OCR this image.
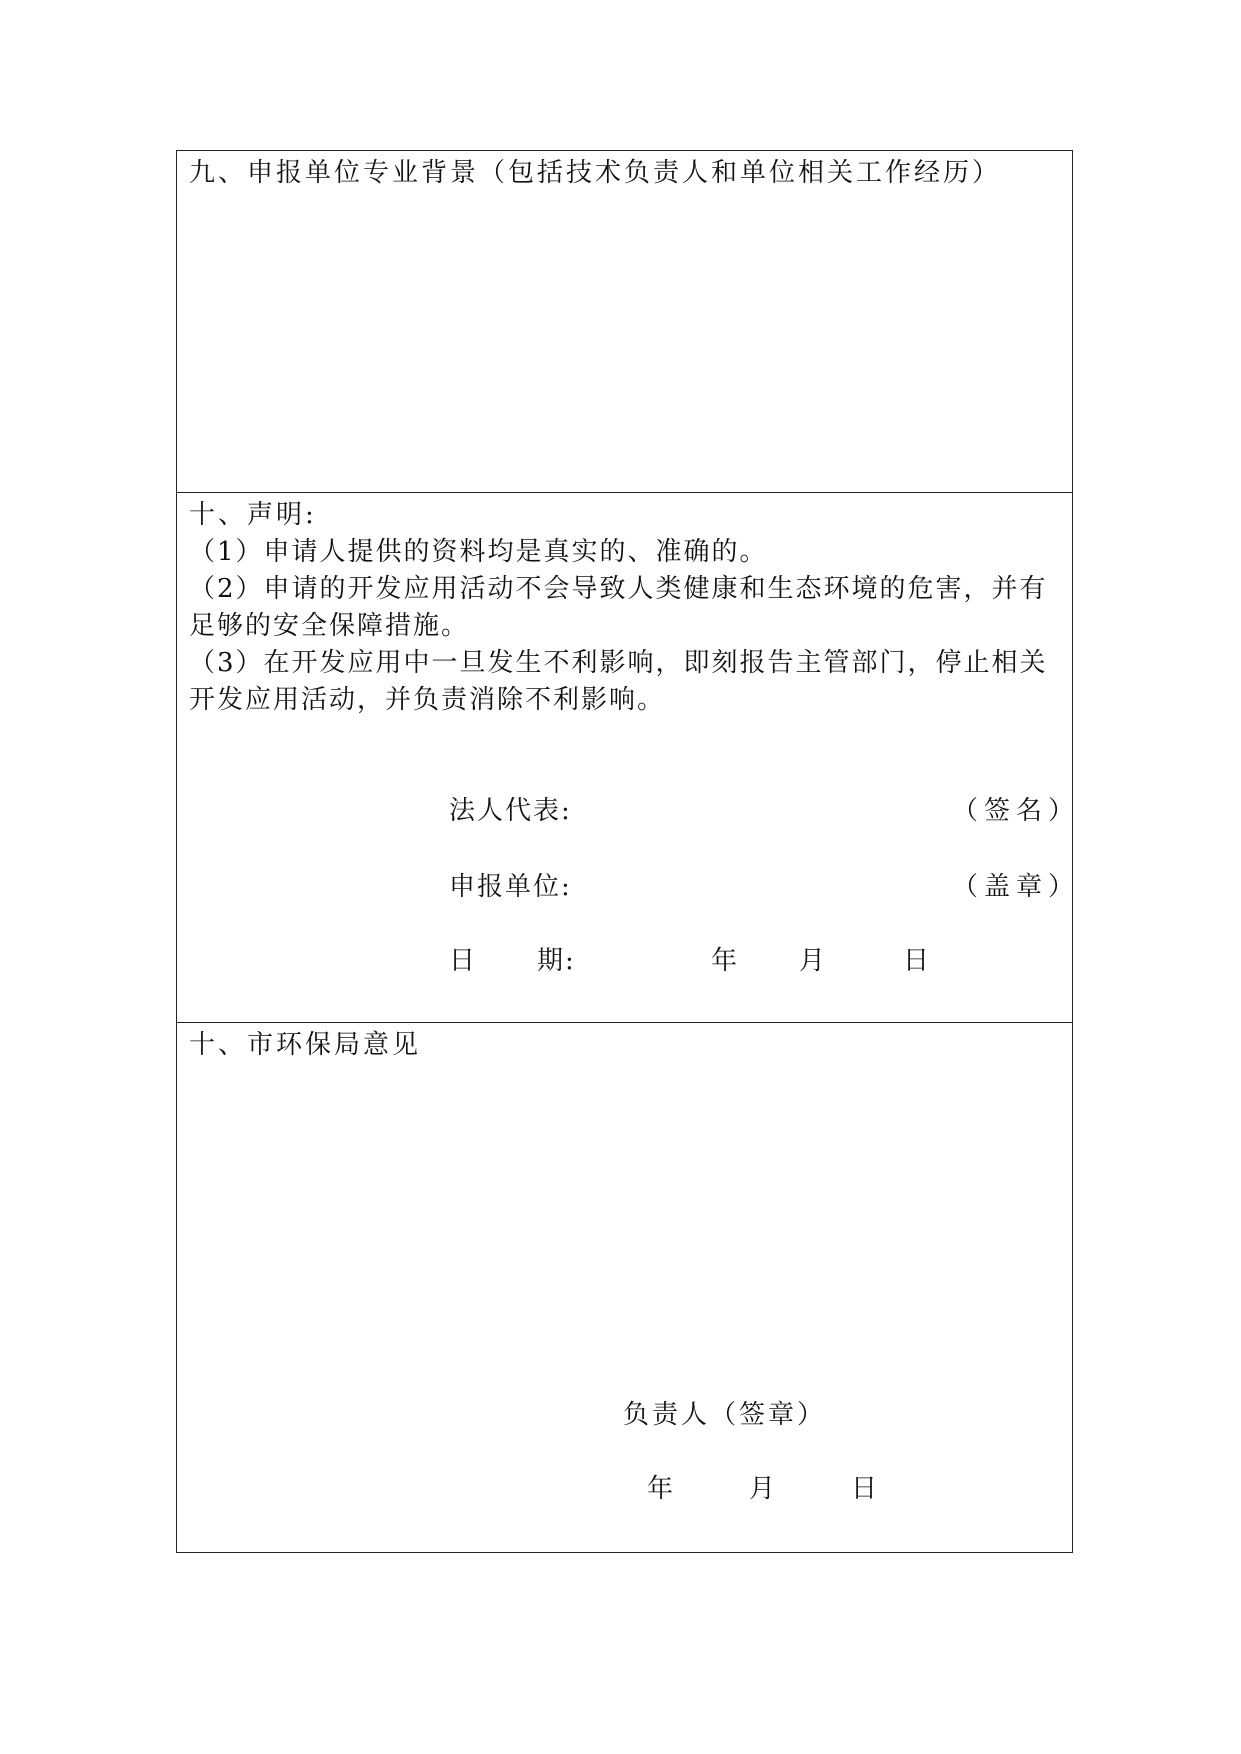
九、申报单位专业背景（包括技术负责人和单位相关工作经历）
十、声明:

（1）申请人提供的资料均是真实的、准确的。

（2）申请的开发应用活动不会导致人类健康和生态环境的危害，并有足够的安全保障措施。

（3）在开发应用中一旦发生不利影响，即刻报告主管部门，停止相关开发应用活动，并负责消除不利影响。

法人代表:	（签名）
申报单位:	（盖章）
日 期:	年 月	日
十、市环保局意见
负责人（签章）
年	月	日
